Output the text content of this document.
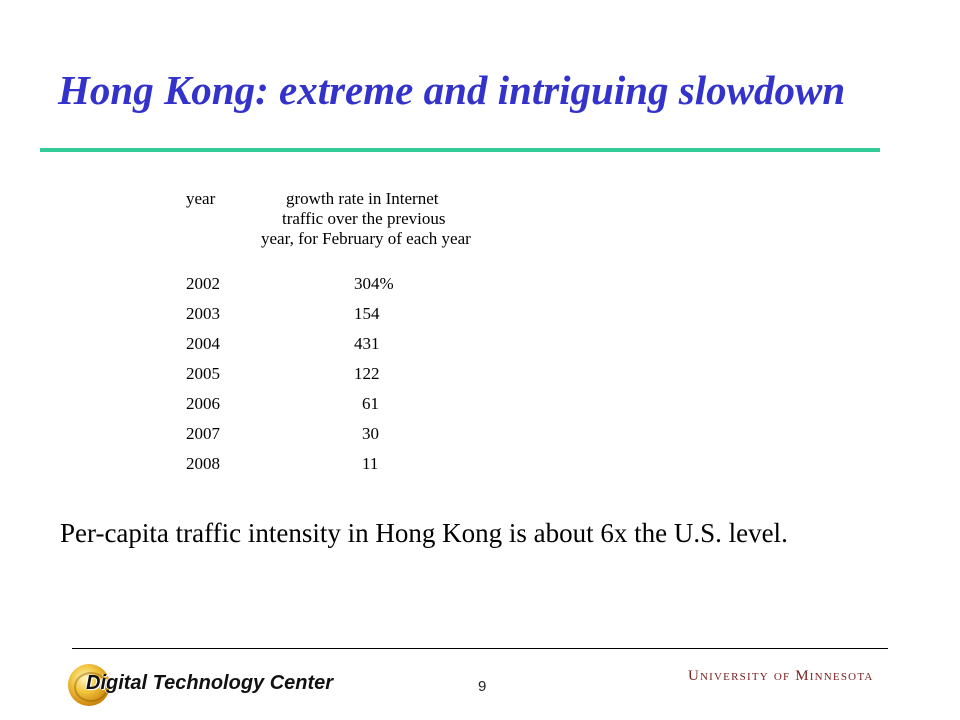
Hong Kong: extreme and intriguing slowdown
year	growth rate in Internet
traffic over the previous
year, for February of each year
2002	304%
2003	154
2004	431
2005	122
2006	61
2007	30
2008	11
Per-capita traffic intensity in Hong Kong is about 6x the U.S. level.
Digital Technology Center	9
University of Minnesota
